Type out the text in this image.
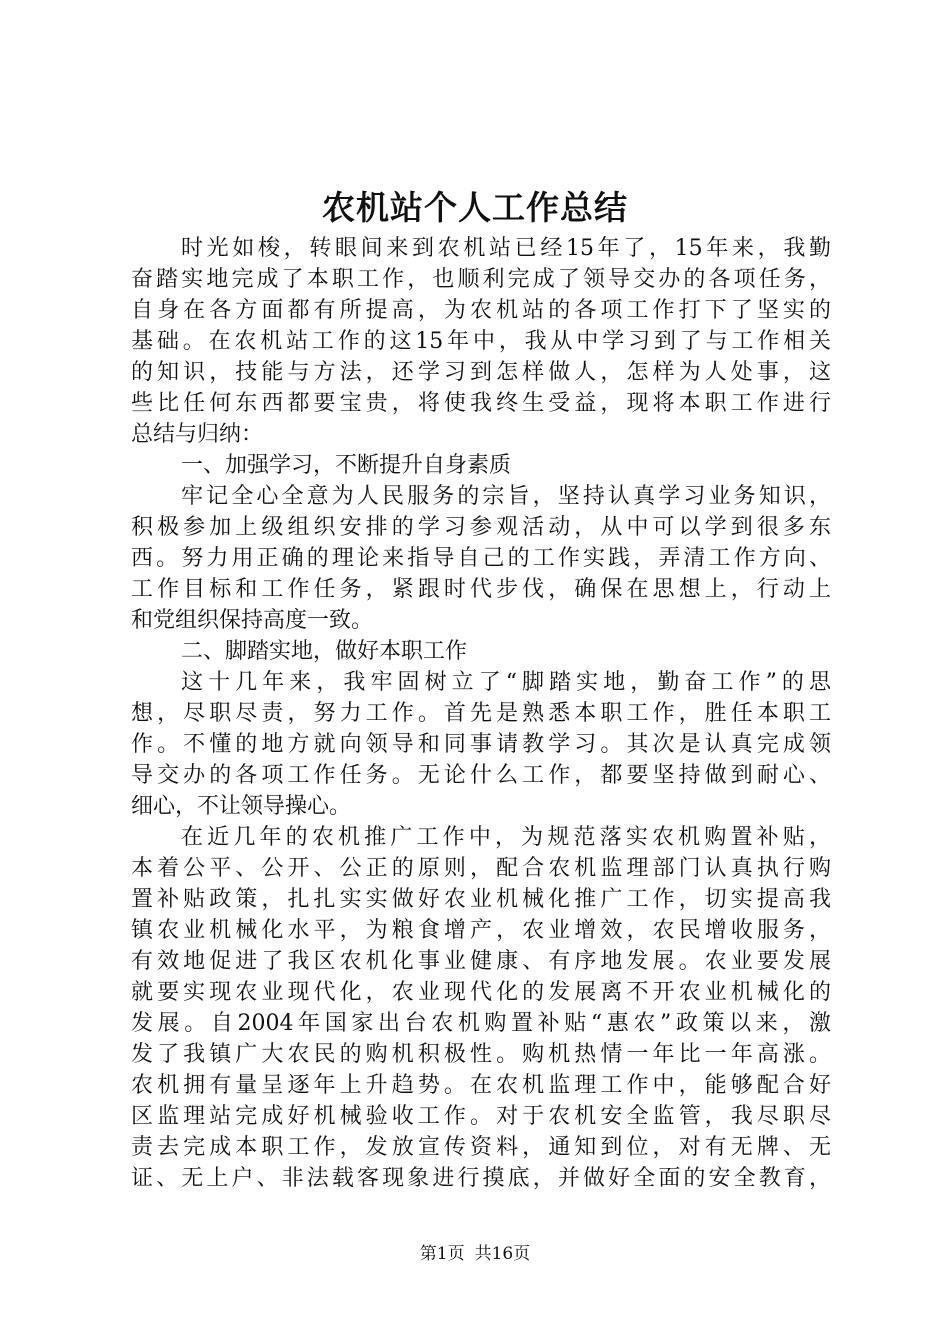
农机站个人工作总结
时光如梭，转眼间来到农机站已经15年了，15年来，我勤
奋踏实地完成了本职工作，也顺利完成了领导交办的各项任务，
自身在各方面都有所提高，为农机站的各项工作打下了坚实的
基础。在农机站工作的这15年中，我从中学习到了与工作相关
的知识，技能与方法，还学习到怎样做人，怎样为人处事，这
些比任何东西都要宝贵，将使我终生受益，现将本职工作进行
总结与归纳：
一、加强学习，不断提升自身素质
牢记全心全意为人民服务的宗旨，坚持认真学习业务知识，
积极参加上级组织安排的学习参观活动，从中可以学到很多东
西。努力用正确的理论来指导自己的工作实践，弄清工作方向、
工作目标和工作任务，紧跟时代步伐，确保在思想上，行动上
和党组织保持高度一致。
二、脚踏实地，做好本职工作
这十几年来，我牢固树立了“脚踏实地，勤奋工作”的思
想，尽职尽责，努力工作。首先是熟悉本职工作，胜任本职工
作。不懂的地方就向领导和同事请教学习。其次是认真完成领
导交办的各项工作任务。无论什么工作，都要坚持做到耐心、
细心，不让领导操心。
在近几年的农机推广工作中，为规范落实农机购置补贴，
本着公平、公开、公正的原则，配合农机监理部门认真执行购
置补贴政策，扎扎实实做好农业机械化推广工作，切实提高我
镇农业机械化水平，为粮食增产，农业增效，农民增收服务，
有效地促进了我区农机化事业健康、有序地发展。农业要发展
就要实现农业现代化，农业现代化的发展离不开农业机械化的
发展。自2004年国家出台农机购置补贴“惠农”政策以来，激
发了我镇广大农民的购机积极性。购机热情一年比一年高涨。
农机拥有量呈逐年上升趋势。在农机监理工作中，能够配合好
区监理站完成好机械验收工作。对于农机安全监管，我尽职尽
责去完成本职工作，发放宣传资料，通知到位，对有无牌、无
证、无上户、非法载客现象进行摸底，并做好全面的安全教育，
第1页 共16页
